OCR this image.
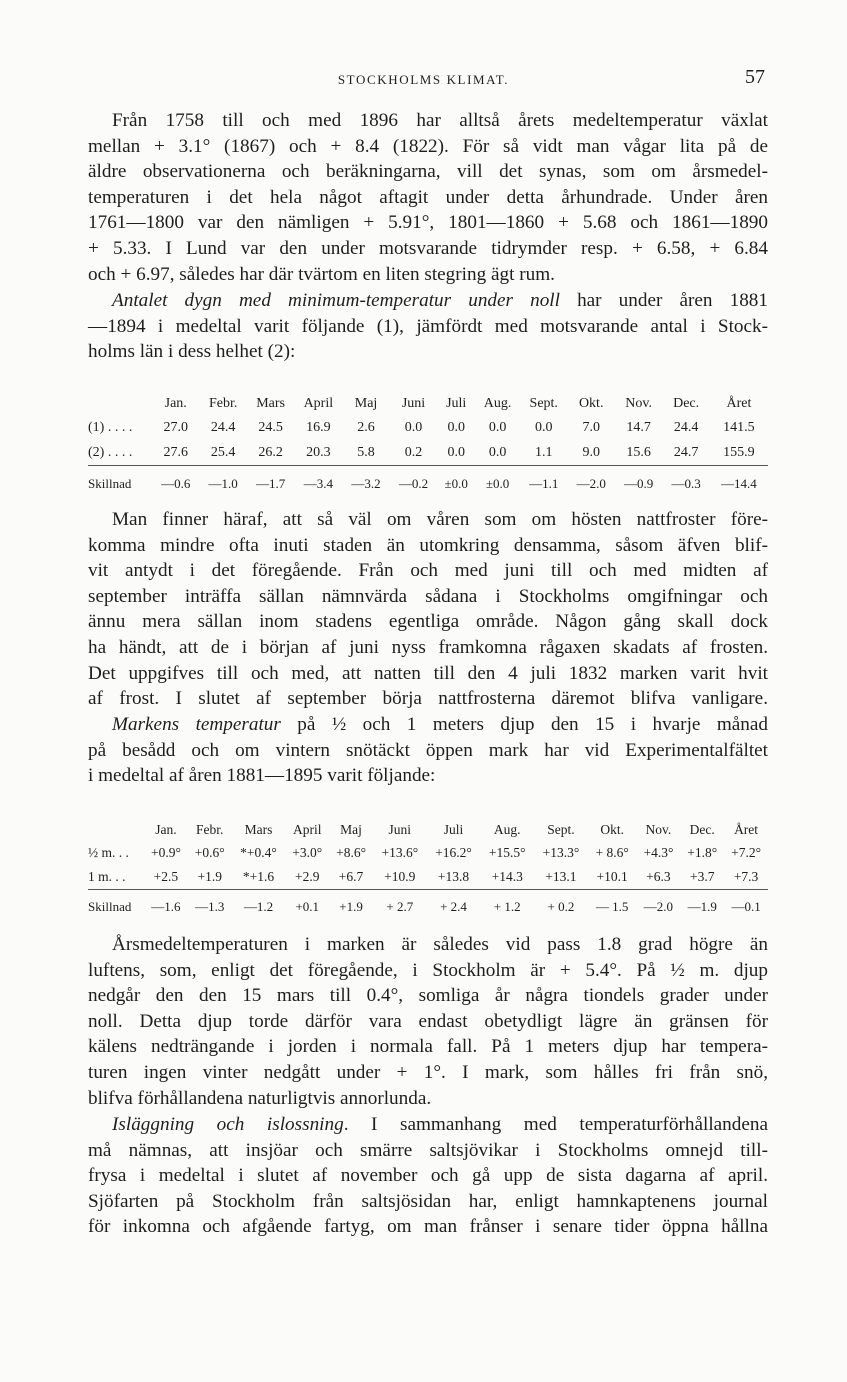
STOCKHOLMS KLIMAT.	57

Från 1758 till och med 1896 har alltså årets medeltemperatur växlat
mellan + 3.1° (1867) och + 8.4 (1822). För så vidt man vågar lita på de
äldre observationerna och beräkningarna, vill det synas, som om årsmedel-
temperaturen i det hela något aftagit under detta århundrade. Under åren
1761—1800 var den nämligen + 5.91°, 1801—1860 + 5.68 och 1861—1890
+ 5.33. I Lund var den under motsvarande tidrymder resp. + 6.58, + 6.84
och + 6.97, således har där tvärtom en liten stegring ägt rum.

Antalet dygn med minimum-temperatur under noll har under åren 1881
—1894 i medeltal varit följande (1), jämfördt med motsvarande antal i Stock-
holms län i dess helhet (2):

	Jan.	Febr.	Mars	April	Maj	Juni	Juli	Aug.	Sept.	Okt.	Nov.	Dec.	Året
(1) . . . .	27.0	24.4	24.5	16.9	2.6	0.0	0.0	0.0	0.0	7.0	14.7	24.4	141.5
(2) . . . .	27.6	25.4	26.2	20.3	5.8	0.2	0.0	0.0	1.1	9.0	15.6	24.7	155.9
Skillnad	—0.6	—1.0	—1.7	—3.4	—3.2	—0.2	±0.0	±0.0	—1.1	—2.0	—0.9	—0.3	—14.4

Man finner häraf, att så väl om våren som om hösten nattfroster före-
komma mindre ofta inuti staden än utomkring densamma, såsom äfven blif-
vit antydt i det föregående. Från och med juni till och med midten af
september inträffa sällan nämnvärda sådana i Stockholms omgifningar och
ännu mera sällan inom stadens egentliga område. Någon gång skall dock
ha händt, att de i början af juni nyss framkomna rågaxen skadats af frosten.
Det uppgifves till och med, att natten till den 4 juli 1832 marken varit hvit
af frost. I slutet af september börja nattfrosterna däremot blifva vanligare.

Markens temperatur på ½ och 1 meters djup den 15 i hvarje månad
på besådd och om vintern snötäckt öppen mark har vid Experimentalfältet
i medeltal af åren 1881—1895 varit följande:

	Jan.	Febr.	Mars	April	Maj	Juni	Juli	Aug.	Sept.	Okt.	Nov.	Dec.	Året
½ m. . .	+0.9°	+0.6°	*+0.4°	+3.0°	+8.6°	+13.6°	+16.2°	+15.5°	+13.3°	+ 8.6°	+4.3°	+1.8°	+7.2°
1 m. . .	+2.5	+1.9	*+1.6	+2.9	+6.7	+10.9	+13.8	+14.3	+13.1	+10.1	+6.3	+3.7	+7.3
Skillnad	—1.6	—1.3	—1.2	+0.1	+1.9	+ 2.7	+ 2.4	+ 1.2	+ 0.2	— 1.5	—2.0	—1.9	—0.1

Årsmedeltemperaturen i marken är således vid pass 1.8 grad högre än
luftens, som, enligt det föregående, i Stockholm är + 5.4°. På ½ m. djup
nedgår den den 15 mars till 0.4°, somliga år några tiondels grader under
noll. Detta djup torde därför vara endast obetydligt lägre än gränsen för
kälens nedträngande i jorden i normala fall. På 1 meters djup har tempera-
turen ingen vinter nedgått under + 1°. I mark, som hålles fri från snö,
blifva förhållandena naturligtvis annorlunda.

Isläggning och islossning. I sammanhang med temperaturförhållandena
må nämnas, att insjöar och smärre saltsjövikar i Stockholms omnejd till-
frysa i medeltal i slutet af november och gå upp de sista dagarna af april.
Sjöfarten på Stockholm från saltsjösidan har, enligt hamnkaptenens journal
för inkomna och afgående fartyg, om man frånser i senare tider öppna hållna
